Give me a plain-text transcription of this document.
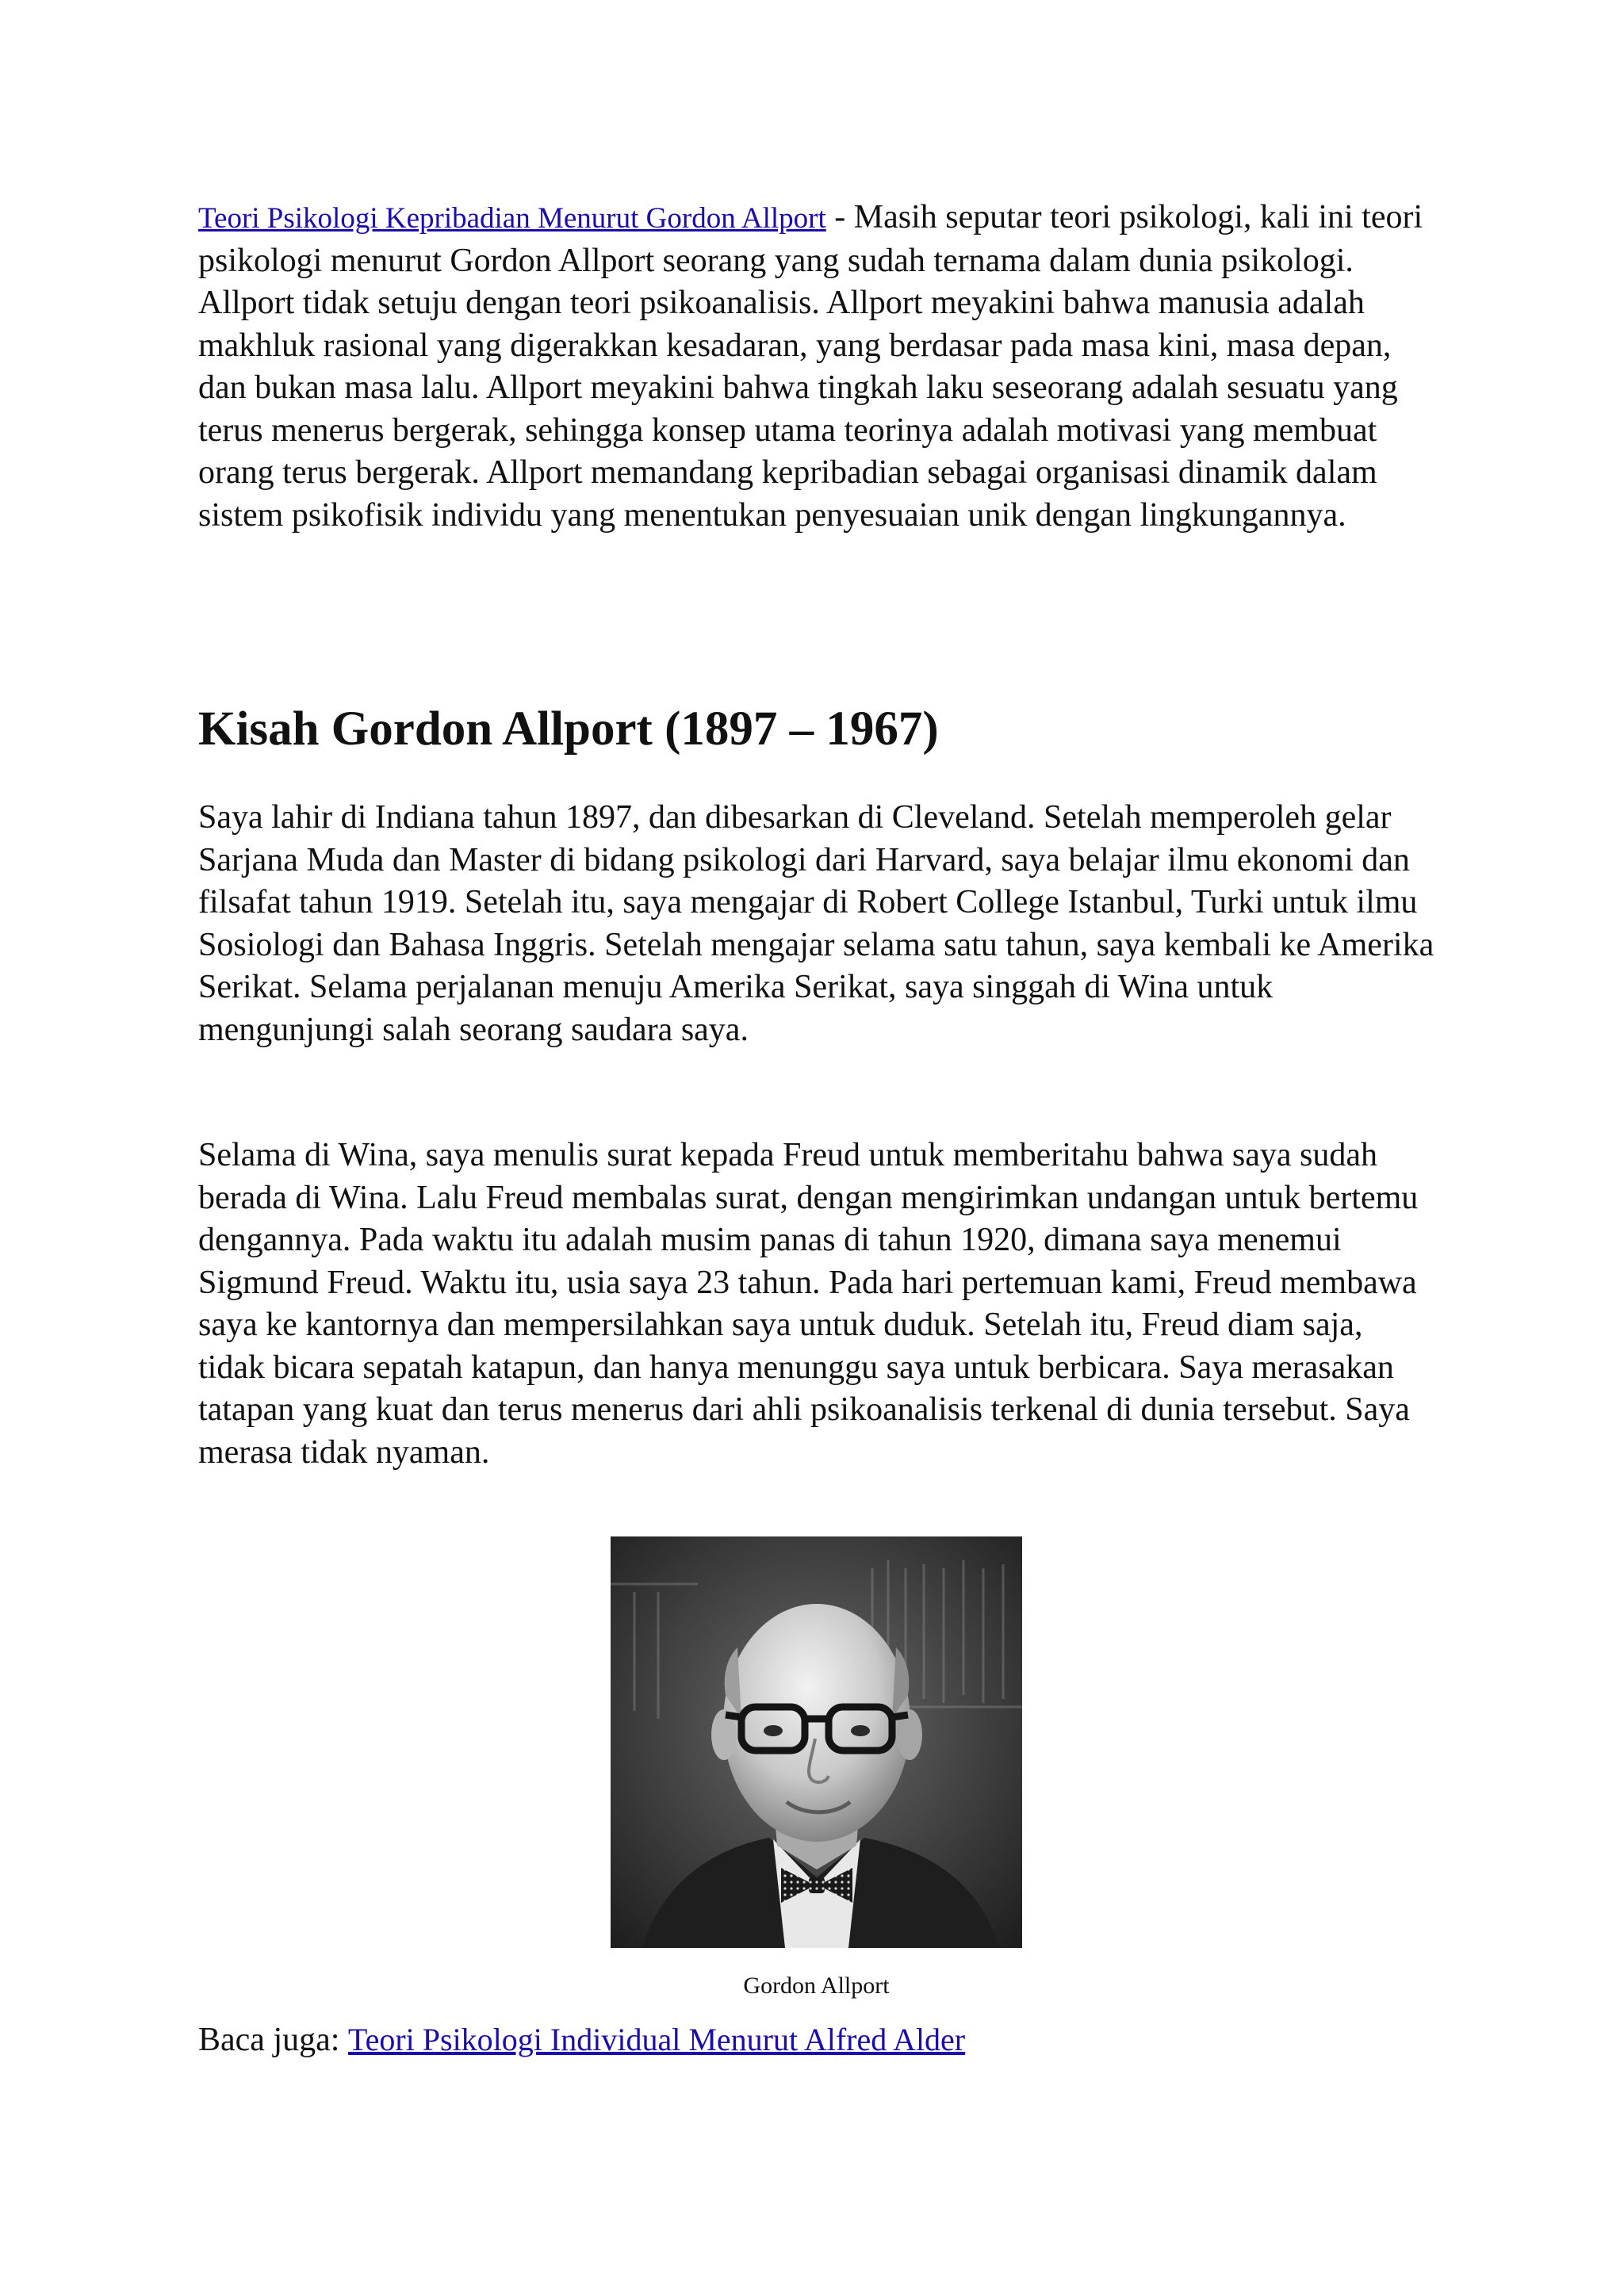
Teori Psikologi Kepribadian Menurut Gordon Allport - Masih seputar teori psikologi, kali ini teori psikologi menurut Gordon Allport seorang yang sudah ternama dalam dunia psikologi. Allport tidak setuju dengan teori psikoanalisis. Allport meyakini bahwa manusia adalah makhluk rasional yang digerakkan kesadaran, yang berdasar pada masa kini, masa depan, dan bukan masa lalu. Allport meyakini bahwa tingkah laku seseorang adalah sesuatu yang terus menerus bergerak, sehingga konsep utama teorinya adalah motivasi yang membuat orang terus bergerak. Allport memandang kepribadian sebagai organisasi dinamik dalam sistem psikofisik individu yang menentukan penyesuaian unik dengan lingkungannya.

Kisah Gordon Allport (1897 – 1967)

Saya lahir di Indiana tahun 1897, dan dibesarkan di Cleveland. Setelah memperoleh gelar Sarjana Muda dan Master di bidang psikologi dari Harvard, saya belajar ilmu ekonomi dan filsafat tahun 1919. Setelah itu, saya mengajar di Robert College Istanbul, Turki untuk ilmu Sosiologi dan Bahasa Inggris. Setelah mengajar selama satu tahun, saya kembali ke Amerika Serikat. Selama perjalanan menuju Amerika Serikat, saya singgah di Wina untuk mengunjungi salah seorang saudara saya.

Selama di Wina, saya menulis surat kepada Freud untuk memberitahu bahwa saya sudah berada di Wina. Lalu Freud membalas surat, dengan mengirimkan undangan untuk bertemu dengannya. Pada waktu itu adalah musim panas di tahun 1920, dimana saya menemui Sigmund Freud. Waktu itu, usia saya 23 tahun. Pada hari pertemuan kami, Freud membawa saya ke kantornya dan mempersilahkan saya untuk duduk. Setelah itu, Freud diam saja, tidak bicara sepatah katapun, dan hanya menunggu saya untuk berbicara. Saya merasakan tatapan yang kuat dan terus menerus dari ahli psikoanalisis terkenal di dunia tersebut. Saya merasa tidak nyaman.

Gordon Allport

Baca juga: Teori Psikologi Individual Menurut Alfred Alder
